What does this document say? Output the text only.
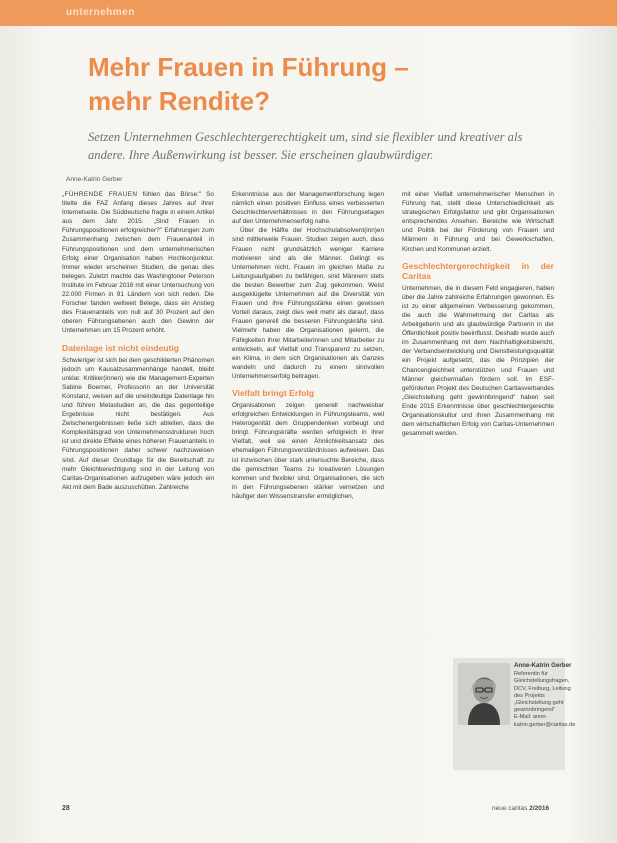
unternehmen
Mehr Frauen in Führung –
mehr Rendite?

Setzen Unternehmen Geschlechtergerechtigkeit um, sind sie flexibler und kreativer als andere. Ihre Außenwirkung ist besser. Sie erscheinen glaubwürdiger.

Anne-Katrin Gerber

„FÜHRENDE FRAUEN fühlen das Börse:" So titelte die FAZ Anfang dieses Jahres auf ihrer Internetseite. Die Süddeutsche fragte in einem Artikel aus dem Jahr 2015: „Sind Frauen in Führungspositionen erfolgreicher?" Erfahrungen zum Zusammenhang zwischen dem Frauenanteil in Führungspositionen und dem unternehmerischen Erfolg einer Organisation haben Hochkonjunktur. Immer wieder erscheinen Studien, die genau dies belegen. Zuletzt machte das Washingtoner Peterson Institute im Februar 2016 mit einer Untersuchung von 22.000 Firmen in 91 Ländern von sich reden. Die Forscher fanden weltweit Belege, dass ein Anstieg des Frauenanteils von null auf 30 Prozent auf den oberen Führungsebenen auch den Gewinn der Unternehmen um 15 Prozent erhöht.

Datenlage ist nicht eindeutig

Schwieriger ist sich bei dem geschilderten Phänomen jedoch um Kausalzusammenhänge handelt, bleibt unklar. Kritiker(innen) wie die Management-Experten Sabine Boerner, Professorin an der Universität Konstanz, weisen auf die uneindeutige Datenlage hin und führen Metastudien an, die das gegenteilige Ergebnisse nicht bestätigen. Aus Zwischenergebnissen ließe sich ableiten, dass die Komplexitätsgrad von Unternehmensstrukturen hoch ist und direkte Effekte eines höheren Frauenanteils in Führungspositionen daher schwer nachzuweisen sind. Auf dieser Grundlage für die Bereitschaft zu mehr Gleichberechtigung sind in der Leitung von Caritas-Organisationen aufzugeben wäre jedoch ein Akt mit dem Bade auszuschütten. Zahlreiche

Erkenntnisse aus der Managementforschung legen nämlich einen positiven Einfluss eines verbesserten Geschlechterverhältnisses in den Führungsetagen auf den Unternehmenserfolg nahe.

Über die Hälfte der Hochschulabsolvent(inn)en sind mittlerweile Frauen. Studien zeigen auch, dass Frauen nicht grundsätzlich weniger Karriere motivieren sind als die Männer. Gelingt es Unternehmen nicht, Frauen im gleichen Maße zu Leitungsaufgaben zu befähigen, sind Männern stets die besten Bewerber zum Zug gekommen. Weist ausgeklügelte Unternehmen auf die Diversität von Frauen und ihre Führungsstärke einen gewissen Vorteil daraus, zeigt dies weit mehr als darauf, dass Frauen generell die besseren Führungskräfte sind. Vielmehr haben die Organisationen gelernt, die Fähigkeiten ihrer Mitarbeiterinnen und Mitarbeiter zu entwickeln, auf Vielfalt und Transparenz zu setzen, ein Klima, in dem sich Organisationen als Ganzes wandeln und dadurch zu einem sinnvollen Unternehmenserfolg beitragen.

Vielfalt bringt Erfolg

Organisationen zeigen generell nachweisbar erfolgreichen Entwicklungen in Führungsteams, weil Heterogenität dem Gruppendenken vorbeugt und bringt. Führungskräfte werden erfolgreich in ihrer Vielfalt, weil sie einen Ähnlichkeitsansatz des ehemaligen Führungsverständnisses aufweisen. Das ist inzwischen über stark untersuchte Bereiche, dass die gemischten Teams zu kreativeren Lösungen kommen und flexibler sind. Organisationen, die sich in den Führungsebenen stärker vernetzen und häufiger den Wissenstransfer ermöglichen,

mit einer Vielfalt unternehmerischer Menschen in Führung hat, stellt diese Unterschiedlichkeit als strategischen Erfolgsfaktor und gibt Organisationen entsprechendes Ansehen. Bereiche wie Wirtschaft und Politik bei der Förderung von Frauen und Männern in Führung und bei Gewerkschaften, Kirchen und Kommunen erzielt.

Geschlechtergerechtigkeit in der Caritas

Unternehmen, die in diesem Feld engagieren, haben über die Jahre zahlreiche Erfahrungen gewonnen. Es ist zu einer allgemeinen Verbesserung gekommen, die auch die Wahrnehmung der Caritas als Arbeitgeberin und als glaubwürdige Partnerin in der Öffentlichkeit positiv beeinflusst. Deshalb wurde auch im Zusammenhang mit dem Nachhaltigkeitsbericht, der Verbandsentwicklung und Dienstleistungsqualität ein Projekt aufgesetzt, das die Prinzipien der Chancengleichheit unterstützen und Frauen und Männer gleichermaßen fördern soll. Im ESF-geförderten Projekt des Deutschen Caritasverbandes „Gleichstellung geht gewinnbringend“ haben seit Ende 2015 Erkenntnisse über geschlechtergerechte Organisationskultur und ihren Zusammenhang mit dem wirtschaftlichen Erfolg von Caritas-Unternehmen gesammelt werden.

Anne-Katrin Gerber
Referentin für Gleichstellungsfragen, DCV, Freiburg, Leitung des Projekts „Gleichstellung geht gewinnbringend“
E-Mail: anne-katrin.gerber@caritas.de
28	neue caritas 2/2016
